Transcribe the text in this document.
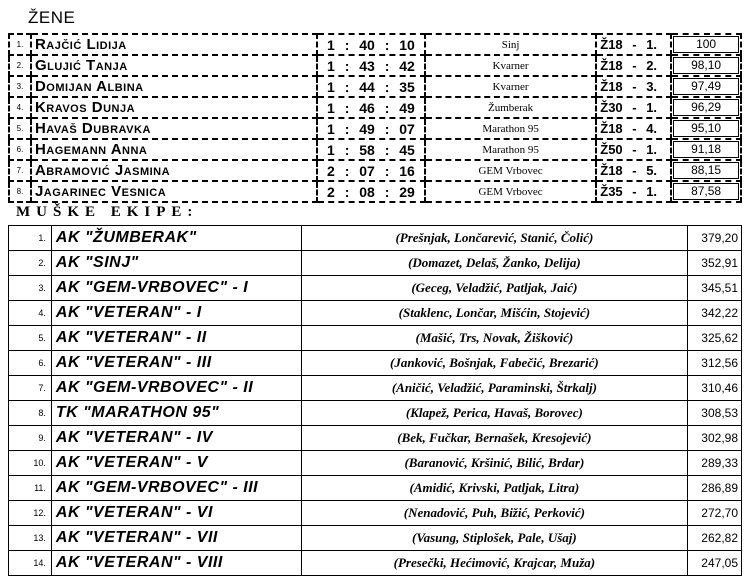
ŽENE
1.	Rajčić Lidija	1 : 40 : 10	Sinj	Ž18 - 1.	100

2.	Glujić Tanja	1 : 43 : 42	Kvarner	Ž18 - 2.	98,10

3.	Domijan Albina	1 : 44 : 35	Kvarner	Ž18 - 3.	97,49

4.	Kravos Dunja	1 : 46 : 49	Žumberak	Ž30 - 1.	96,29

5.	Havaš Dubravka	1 : 49 : 07	Marathon 95	Ž18 - 4.	95,10

6.	Hagemann Anna	1 : 58 : 45	Marathon 95	Ž50 - 1.	91,18

7.	Abramović Jasmina	2 : 07 : 16	GEM Vrbovec	Ž18 - 5.	88,15

8.	Jagarinec Vesnica	2 : 08 : 29	GEM Vrbovec	Ž35 - 1.	87,58
MUŠKE EKIPE:
1.	AK "ŽUMBERAK"	(Prešnjak, Lončarević, Stanić, Čolić)	379,20
2.	AK "SINJ"	(Domazet, Delaš, Žanko, Delija)	352,91
3.	AK "GEM-VRBOVEC" - I	(Geceg, Veladžić, Patljak, Jaić)	345,51
4.	AK "VETERAN" - I	(Staklenc, Lončar, Mišćin, Stojević)	342,22
5.	AK "VETERAN" - II	(Mašić, Trs, Novak, Žišković)	325,62
6.	AK "VETERAN" - III	(Janković, Bošnjak, Fabečić, Brezarić)	312,56
7.	AK "GEM-VRBOVEC" - II	(Aničić, Veladžić, Paraminski, Štrkalj)	310,46
8.	TK "MARATHON 95"	(Klapež, Perica, Havaš, Borovec)	308,53
9.	AK "VETERAN" - IV	(Bek, Fučkar, Bernašek, Kresojević)	302,98
10.	AK "VETERAN" - V	(Baranović, Kršinić, Bilić, Brdar)	289,33
11.	AK "GEM-VRBOVEC" - III	(Amidić, Krivski, Patljak, Litra)	286,89
12.	AK "VETERAN" - VI	(Nenadović, Puh, Bižić, Perković)	272,70
13.	AK "VETERAN" - VII	(Vasung, Stiplošek, Pale, Ušaj)	262,82
14.	AK "VETERAN" - VIII	(Presečki, Hećimović, Krajcar, Muža)	247,05
